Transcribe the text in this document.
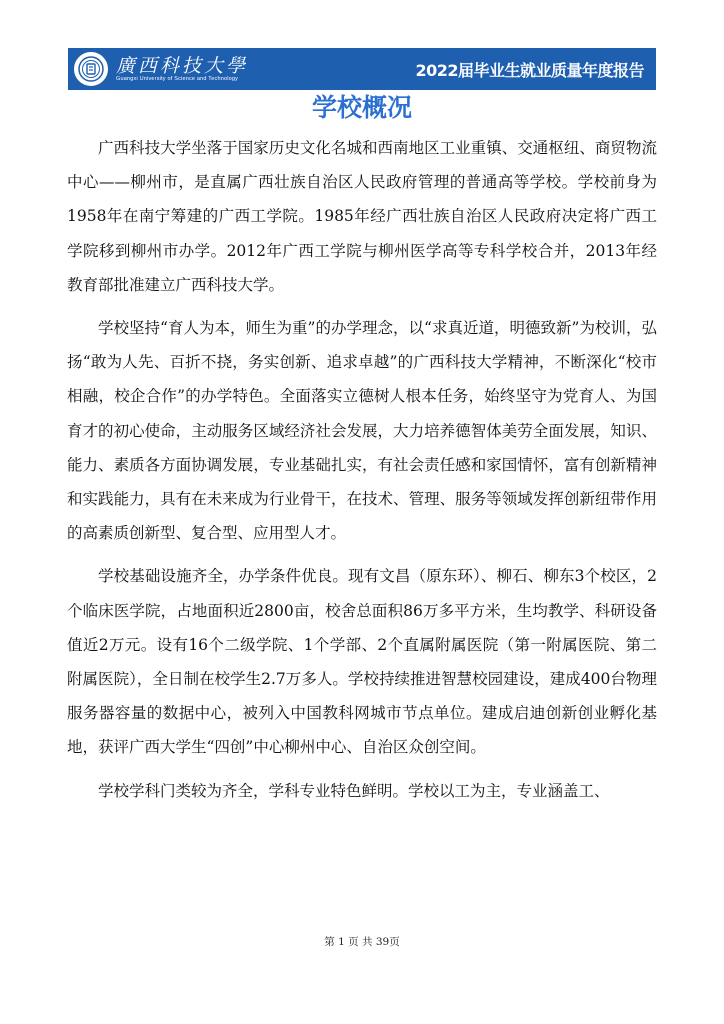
廣西科技大學
Guangxi University of Science and Technology	2022届毕业生就业质量年度报告
学校概况

广西科技大学坐落于国家历史文化名城和西南地区工业重镇、交通枢纽、商贸物流中心——柳州市，是直属广西壮族自治区人民政府管理的普通高等学校。学校前身为1958年在南宁筹建的广西工学院。1985年经广西壮族自治区人民政府决定将广西工学院移到柳州市办学。2012年广西工学院与柳州医学高等专科学校合并，2013年经教育部批准建立广西科技大学。

学校坚持“育人为本，师生为重”的办学理念，以“求真近道，明德致新”为校训，弘扬“敢为人先、百折不挠，务实创新、追求卓越”的广西科技大学精神，不断深化“校市相融，校企合作”的办学特色。全面落实立德树人根本任务，始终坚守为党育人、为国育才的初心使命，主动服务区域经济社会发展，大力培养德智体美劳全面发展，知识、能力、素质各方面协调发展，专业基础扎实，有社会责任感和家国情怀，富有创新精神和实践能力，具有在未来成为行业骨干，在技术、管理、服务等领域发挥创新纽带作用的高素质创新型、复合型、应用型人才。

学校基础设施齐全，办学条件优良。现有文昌（原东环）、柳石、柳东3个校区，2个临床医学院，占地面积近2800亩，校舍总面积86万多平方米，生均教学、科研设备值近2万元。设有16个二级学院、1个学部、2个直属附属医院（第一附属医院、第二附属医院），全日制在校学生2.7万多人。学校持续推进智慧校园建设，建成400台物理服务器容量的数据中心，被列入中国教科网城市节点单位。建成启迪创新创业孵化基地，获评广西大学生“四创”中心柳州中心、自治区众创空间。

学校学科门类较为齐全，学科专业特色鲜明。学校以工为主，专业涵盖工、

第 1 页 共 39页
